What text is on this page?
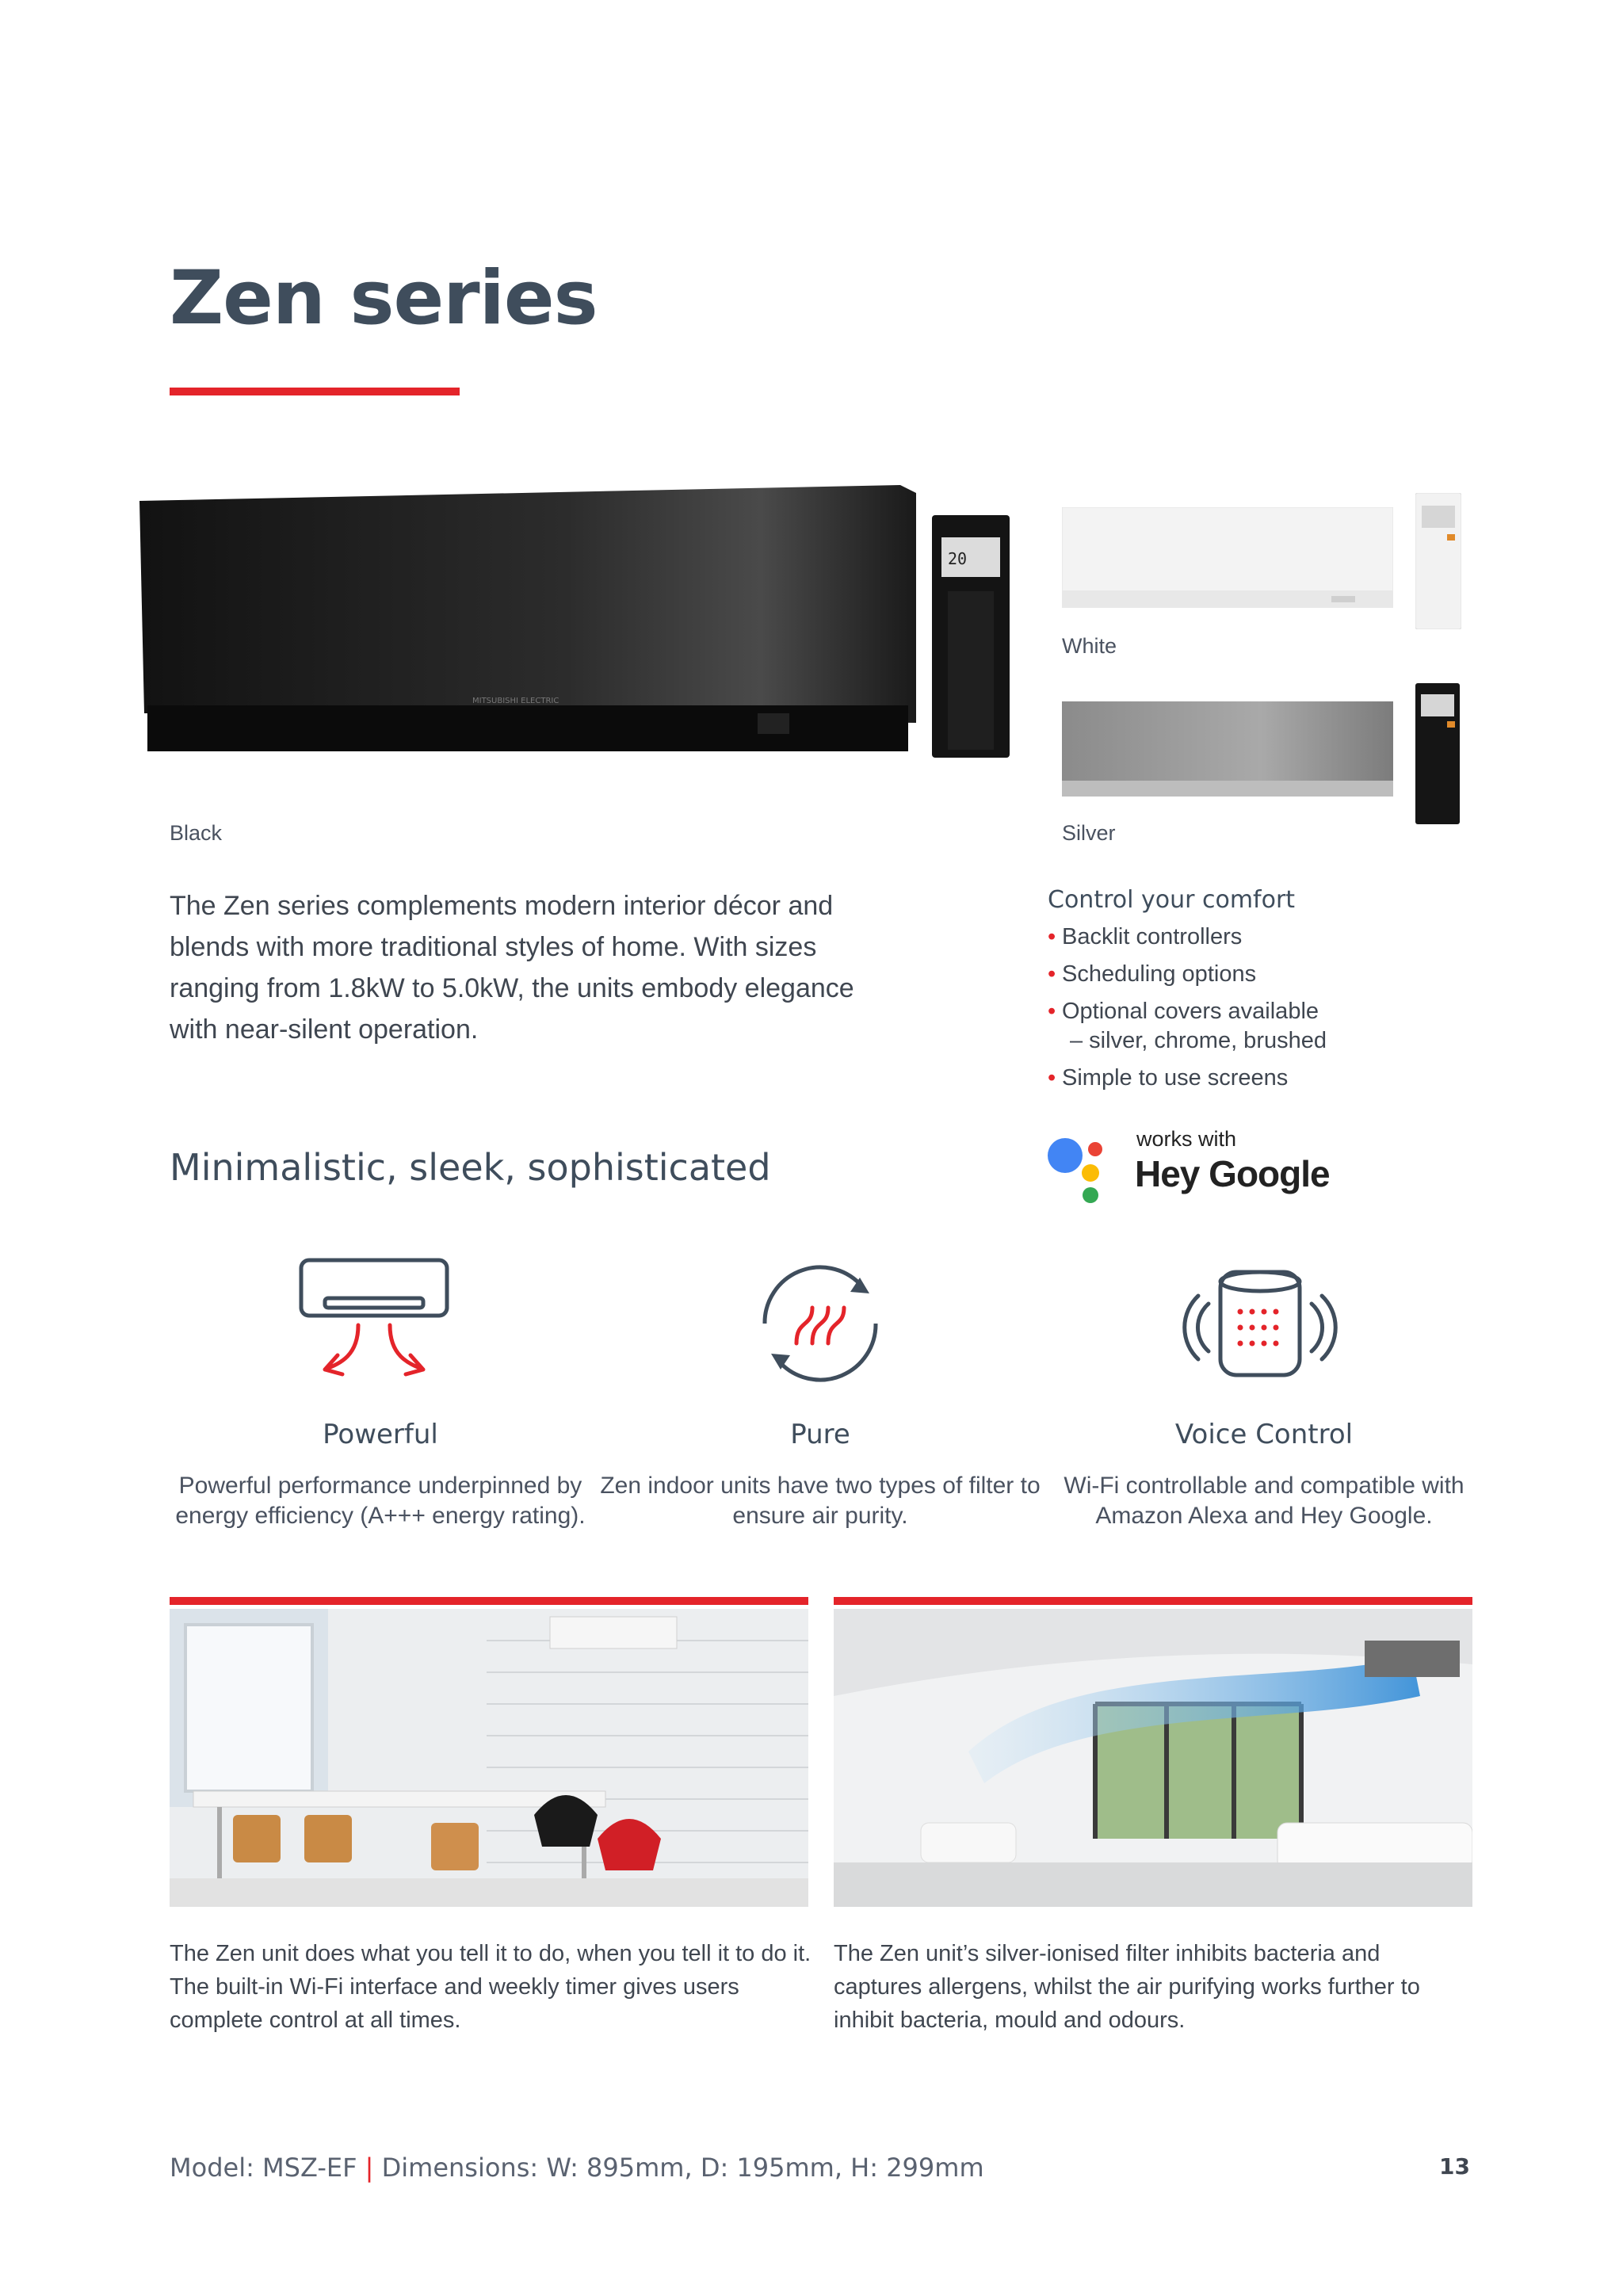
Zen series
MITSUBISHI ELECTRIC
20
White
Black	Silver
The Zen series complements modern interior décor and blends with more traditional styles of home. With sizes ranging from 1.8kW to 5.0kW, the units embody elegance with near-silent operation.
Control your comfort
• Backlit controllers
• Scheduling options
• Optional covers available
– silver, chrome, brushed
• Simple to use screens
works with
Hey Google
Minimalistic, sleek, sophisticated
Powerful
Powerful performance underpinned by energy efficiency (A+++ energy rating).
Pure
Zen indoor units have two types of filter to ensure air purity.
Voice Control
Wi-Fi controllable and compatible with Amazon Alexa and Hey Google.
The Zen unit does what you tell it to do, when you tell it to do it. The built-in Wi-Fi interface and weekly timer gives users complete control at all times.
The Zen unit’s silver-ionised filter inhibits bacteria and captures allergens, whilst the air purifying works further to inhibit bacteria, mould and odours.
Model: MSZ-EF | Dimensions: W: 895mm, D: 195mm, H: 299mm	13
